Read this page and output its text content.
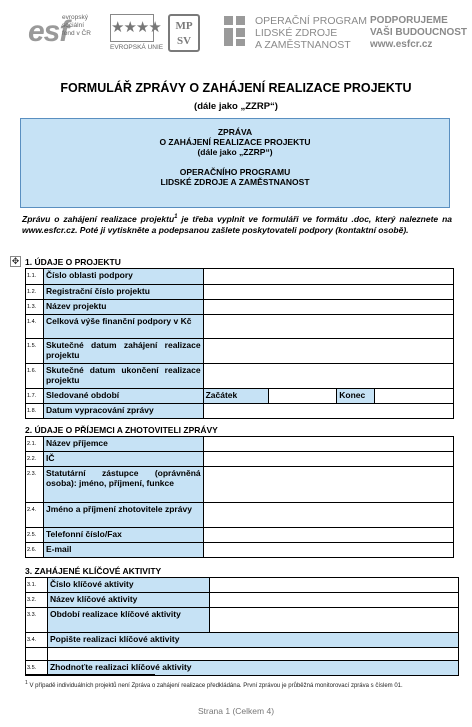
esf
evropský
sociální
fond v ČR	★★★★
EVROPSKÁ UNIE
MP
SV
OPERAČNÍ PROGRAM
LIDSKÉ ZDROJE
A ZAMĚSTNANOST
PODPORUJEME
VAŠI BUDOUCNOST
www.esfcr.cz
FORMULÁŘ ZPRÁVY O ZAHÁJENÍ REALIZACE PROJEKTU
(dále jako „ZZRP“)
ZPRÁVA
O ZAHÁJENÍ REALIZACE PROJEKTU
(dále jako „ZZRP“)
OPERAČNÍHO PROGRAMU
LIDSKÉ ZDROJE A ZAMĚSTNANOST
Zprávu o zahájení realizace projektu$^1$ je třeba vyplnit ve formuláři ve formátu .doc, který naleznete na www.esfcr.cz. Poté ji vytiskněte a podepsanou zašlete poskytovateli podpory (kontaktní osobě).
✥ 1. ÚDAJE O PROJEKTU
1.1.	Číslo oblasti podpory				
1.2.	Registrační číslo projektu				
1.3.	Název projektu				
1.4.	Celková výše finanční podpory v Kč				
1.5.	Skutečné datum zahájení realizace projektu				
1.6.	Skutečné datum ukončení realizace projektu				
1.7.	Sledované období	Začátek		Konec	
1.8.	Datum vypracování zprávy				
2. ÚDAJE O PŘÍJEMCI A ZHOTOVITELI ZPRÁVY
2.1.	Název příjemce	
2.2.	IČ	
2.3.	Statutární zástupce (oprávněná osoba): jméno, příjmení, funkce	
2.4.	Jméno a příjmení zhotovitele zprávy	
2.5.	Telefonní číslo/Fax	
2.6.	E-mail	
3. ZAHÁJENÉ KLÍČOVÉ AKTIVITY
3.1.	Číslo klíčové aktivity	
3.2.	Název klíčové aktivity	
3.3.	Období realizace klíčové aktivity	
3.4.	Popište realizaci klíčové aktivity	

3.5.	Zhodnoťte realizaci klíčové aktivity	
$^1$ V případě individuálních projektů není Zpráva o zahájení realizace předkládána. První zprávou je průběžná monitorovací zpráva s číslem 01.
Strana 1 (Celkem 4)
